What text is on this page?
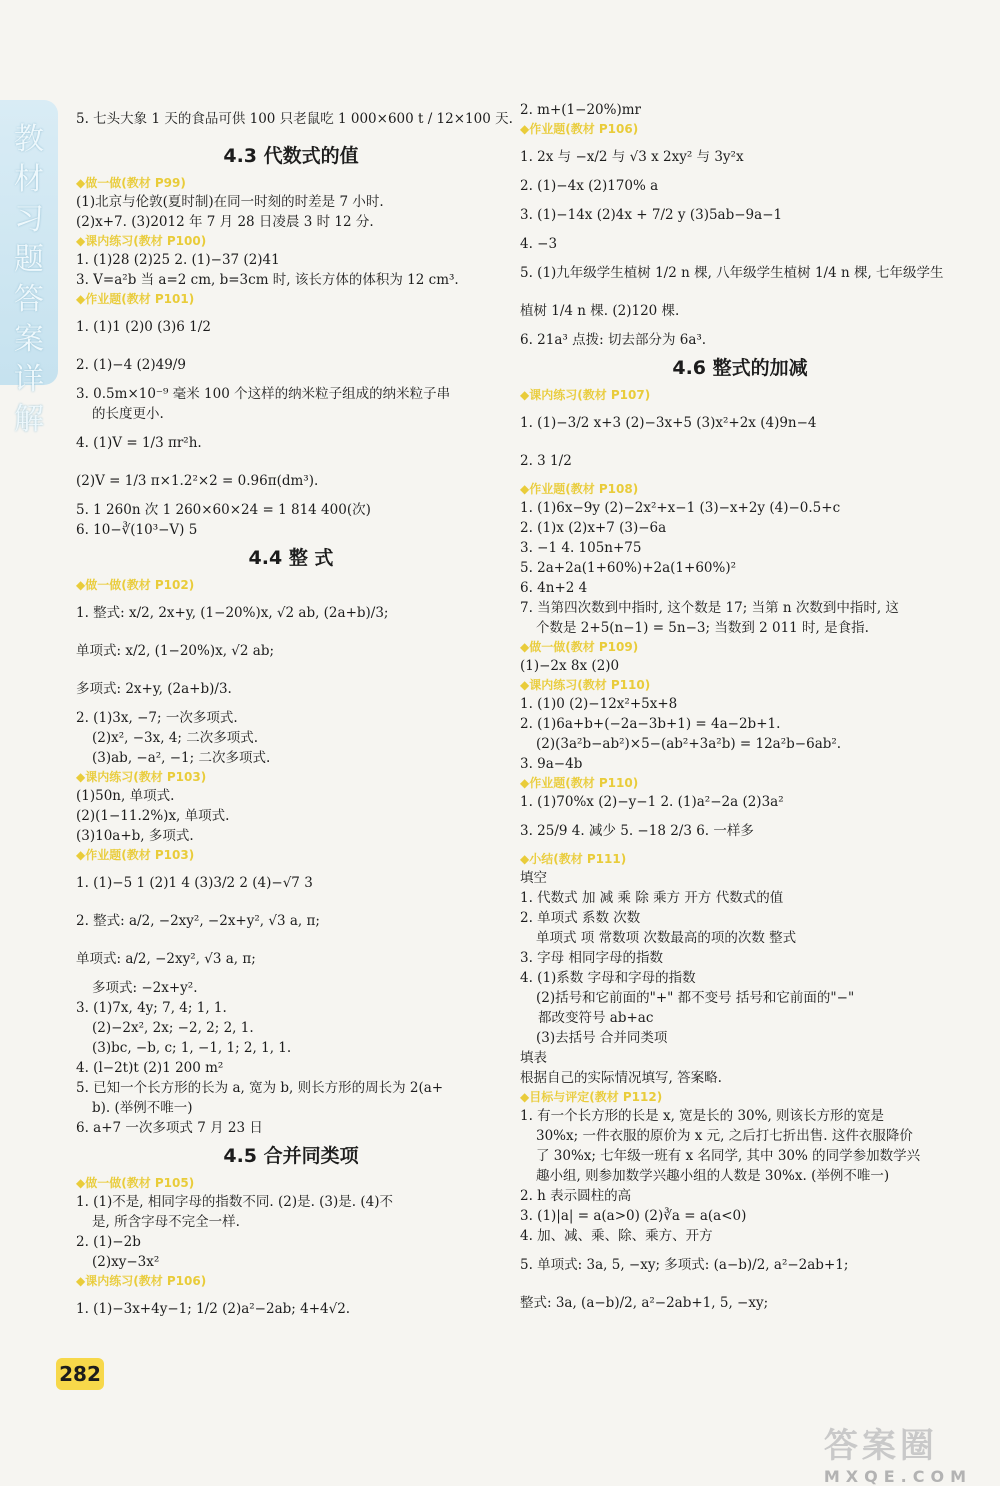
教材习题答案详解
5. 七头大象 1 天的食品可供 100 只老鼠吃 1 000×600 t / 12×100 天.
4.3 代数式的值
◆做一做(教材 P99)
(1)北京与伦敦(夏时制)在同一时刻的时差是 7 小时.
(2)x+7. (3)2012 年 7 月 28 日凌晨 3 时 12 分.
◆课内练习(教材 P100)
1. (1)28 (2)25 2. (1)−37 (2)41
3. V=a²b 当 a=2 cm, b=3cm 时, 该长方体的体积为 12 cm³.
◆作业题(教材 P101)
1. (1)1 (2)0 (3)6 1/2
2. (1)−4 (2)49/9
3. 0.5m×10⁻⁹ 毫米 100 个这样的纳米粒子组成的纳米粒子串
的长度更小.
4. (1)V = 1/3 πr²h.
(2)V = 1/3 π×1.2²×2 = 0.96π(dm³).
5. 1 260n 次 1 260×60×24 = 1 814 400(次)
6. 10−∛(10³−V) 5
4.4 整 式
◆做一做(教材 P102)
1. 整式: x/2, 2x+y, (1−20%)x, √2 ab, (2a+b)/3;
单项式: x/2, (1−20%)x, √2 ab;
多项式: 2x+y, (2a+b)/3.
2. (1)3x, −7; 一次多项式.
(2)x², −3x, 4; 二次多项式.
(3)ab, −a², −1; 二次多项式.
◆课内练习(教材 P103)
(1)50n, 单项式.
(2)(1−11.2%)x, 单项式.
(3)10a+b, 多项式.
◆作业题(教材 P103)
1. (1)−5 1 (2)1 4 (3)3/2 2 (4)−√7 3
2. 整式: a/2, −2xy², −2x+y², √3 a, π;
单项式: a/2, −2xy², √3 a, π;
多项式: −2x+y².
3. (1)7x, 4y; 7, 4; 1, 1.
(2)−2x², 2x; −2, 2; 2, 1.
(3)bc, −b, c; 1, −1, 1; 2, 1, 1.
4. (l−2t)t (2)1 200 m²
5. 已知一个长方形的长为 a, 宽为 b, 则长方形的周长为 2(a+
b). (举例不唯一)
6. a+7 一次多项式 7 月 23 日
4.5 合并同类项
◆做一做(教材 P105)
1. (1)不是, 相同字母的指数不同. (2)是. (3)是. (4)不
是, 所含字母不完全一样.
2. (1)−2b
(2)xy−3x²
◆课内练习(教材 P106)
1. (1)−3x+4y−1; 1/2 (2)a²−2ab; 4+4√2.
2. m+(1−20%)mr
◆作业题(教材 P106)
1. 2x 与 −x/2 与 √3 x 2xy² 与 3y²x
2. (1)−4x (2)170% a
3. (1)−14x (2)4x + 7/2 y (3)5ab−9a−1
4. −3
5. (1)九年级学生植树 1/2 n 棵, 八年级学生植树 1/4 n 棵, 七年级学生
植树 1/4 n 棵. (2)120 棵.
6. 21a³ 点拨: 切去部分为 6a³.
4.6 整式的加减
◆课内练习(教材 P107)
1. (1)−3/2 x+3 (2)−3x+5 (3)x²+2x (4)9n−4
2. 3 1/2
◆作业题(教材 P108)
1. (1)6x−9y (2)−2x²+x−1 (3)−x+2y (4)−0.5+c
2. (1)x (2)x+7 (3)−6a
3. −1 4. 105n+75
5. 2a+2a(1+60%)+2a(1+60%)²
6. 4n+2 4
7. 当第四次数到中指时, 这个数是 17; 当第 n 次数到中指时, 这
个数是 2+5(n−1) = 5n−3; 当数到 2 011 时, 是食指.
◆做一做(教材 P109)
(1)−2x 8x (2)0
◆课内练习(教材 P110)
1. (1)0 (2)−12x²+5x+8
2. (1)6a+b+(−2a−3b+1) = 4a−2b+1.
(2)(3a²b−ab²)×5−(ab²+3a²b) = 12a²b−6ab².
3. 9a−4b
◆作业题(教材 P110)
1. (1)70%x (2)−y−1 2. (1)a²−2a (2)3a²
3. 25/9 4. 减少 5. −18 2/3 6. 一样多
◆小结(教材 P111)
填空
1. 代数式 加 减 乘 除 乘方 开方 代数式的值
2. 单项式 系数 次数
单项式 项 常数项 次数最高的项的次数 整式
3. 字母 相同字母的指数
4. (1)系数 字母和字母的指数
(2)括号和它前面的"+" 都不变号 括号和它前面的"−"
都改变符号 ab+ac
(3)去括号 合并同类项
填表
根据自己的实际情况填写, 答案略.
◆目标与评定(教材 P112)
1. 有一个长方形的长是 x, 宽是长的 30%, 则该长方形的宽是
30%x; 一件衣服的原价为 x 元, 之后打七折出售. 这件衣服降价
了 30%x; 七年级一班有 x 名同学, 其中 30% 的同学参加数学兴
趣小组, 则参加数学兴趣小组的人数是 30%x. (举例不唯一)
2. h 表示圆柱的高
3. (1)|a| = a(a>0) (2)∛a = a(a<0)
4. 加、减、乘、除、乘方、开方
5. 单项式: 3a, 5, −xy; 多项式: (a−b)/2, a²−2ab+1;
整式: 3a, (a−b)/2, a²−2ab+1, 5, −xy;
282
答案圈
MXQE.COM
